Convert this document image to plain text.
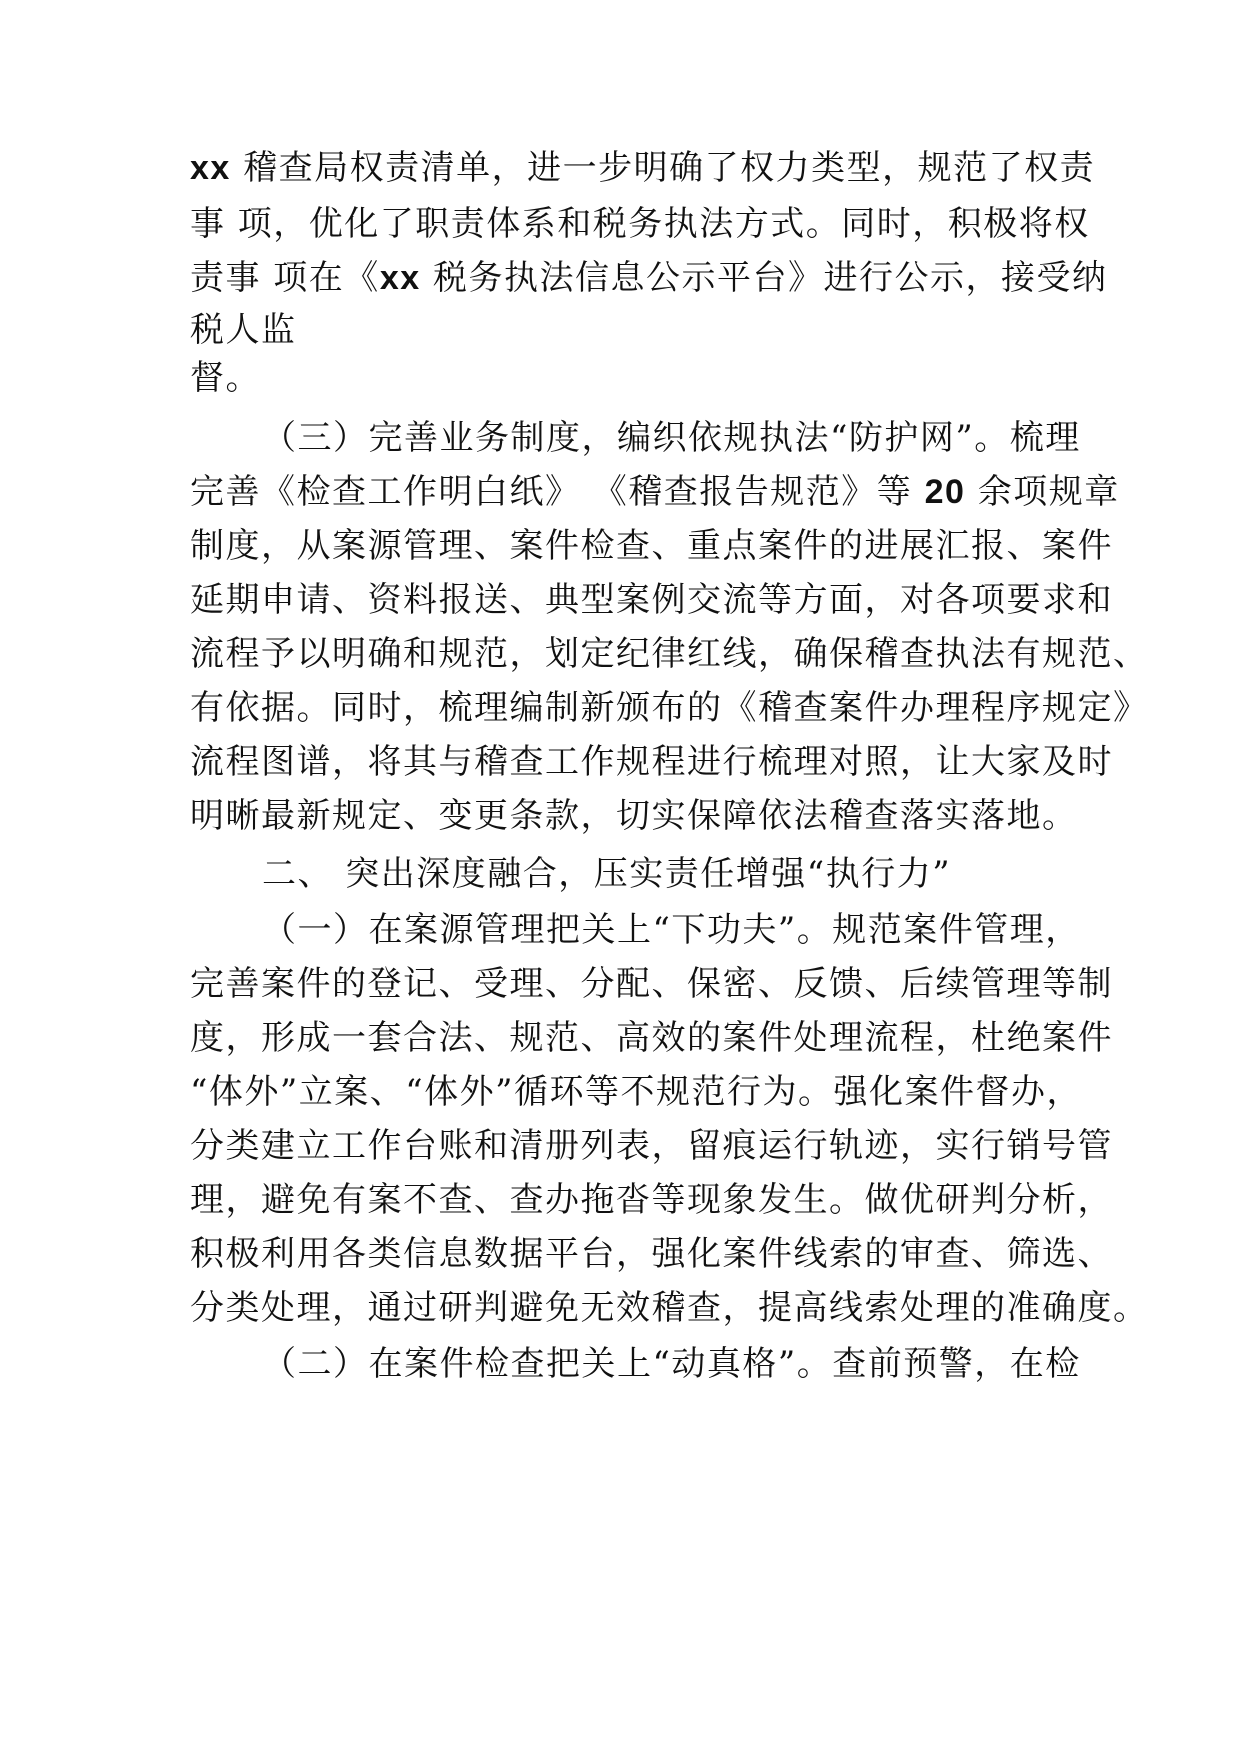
xx 稽查局权责清单，进一步明确了权力类型，规范了权责
事 项，优化了职责体系和税务执法方式。同时，积极将权
责事 项在《xx 税务执法信息公示平台》进行公示，接受纳
税人监
督。
（三）完善业务制度，编织依规执法“防护网”。梳理
完善《检查工作明白纸》 《稽查报告规范》等 20 余项规章
制度，从案源管理、案件检查、重点案件的进展汇报、案件
延期申请、资料报送、典型案例交流等方面，对各项要求和
流程予以明确和规范，划定纪律红线，确保稽查执法有规范、
有依据。同时，梳理编制新颁布的《稽查案件办理程序规定》
流程图谱，将其与稽查工作规程进行梳理对照，让大家及时
明晰最新规定、变更条款，切实保障依法稽查落实落地。
二、 突出深度融合，压实责任增强“执行力”
（一）在案源管理把关上“下功夫”。规范案件管理，
完善案件的登记、受理、分配、保密、反馈、后续管理等制
度，形成一套合法、规范、高效的案件处理流程，杜绝案件
“体外”立案、“体外”循环等不规范行为。强化案件督办，
分类建立工作台账和清册列表，留痕运行轨迹，实行销号管
理，避免有案不查、查办拖沓等现象发生。做优研判分析，
积极利用各类信息数据平台，强化案件线索的审查、筛选、
分类处理，通过研判避免无效稽查，提高线索处理的准确度。
（二）在案件检查把关上“动真格”。查前预警，在检
